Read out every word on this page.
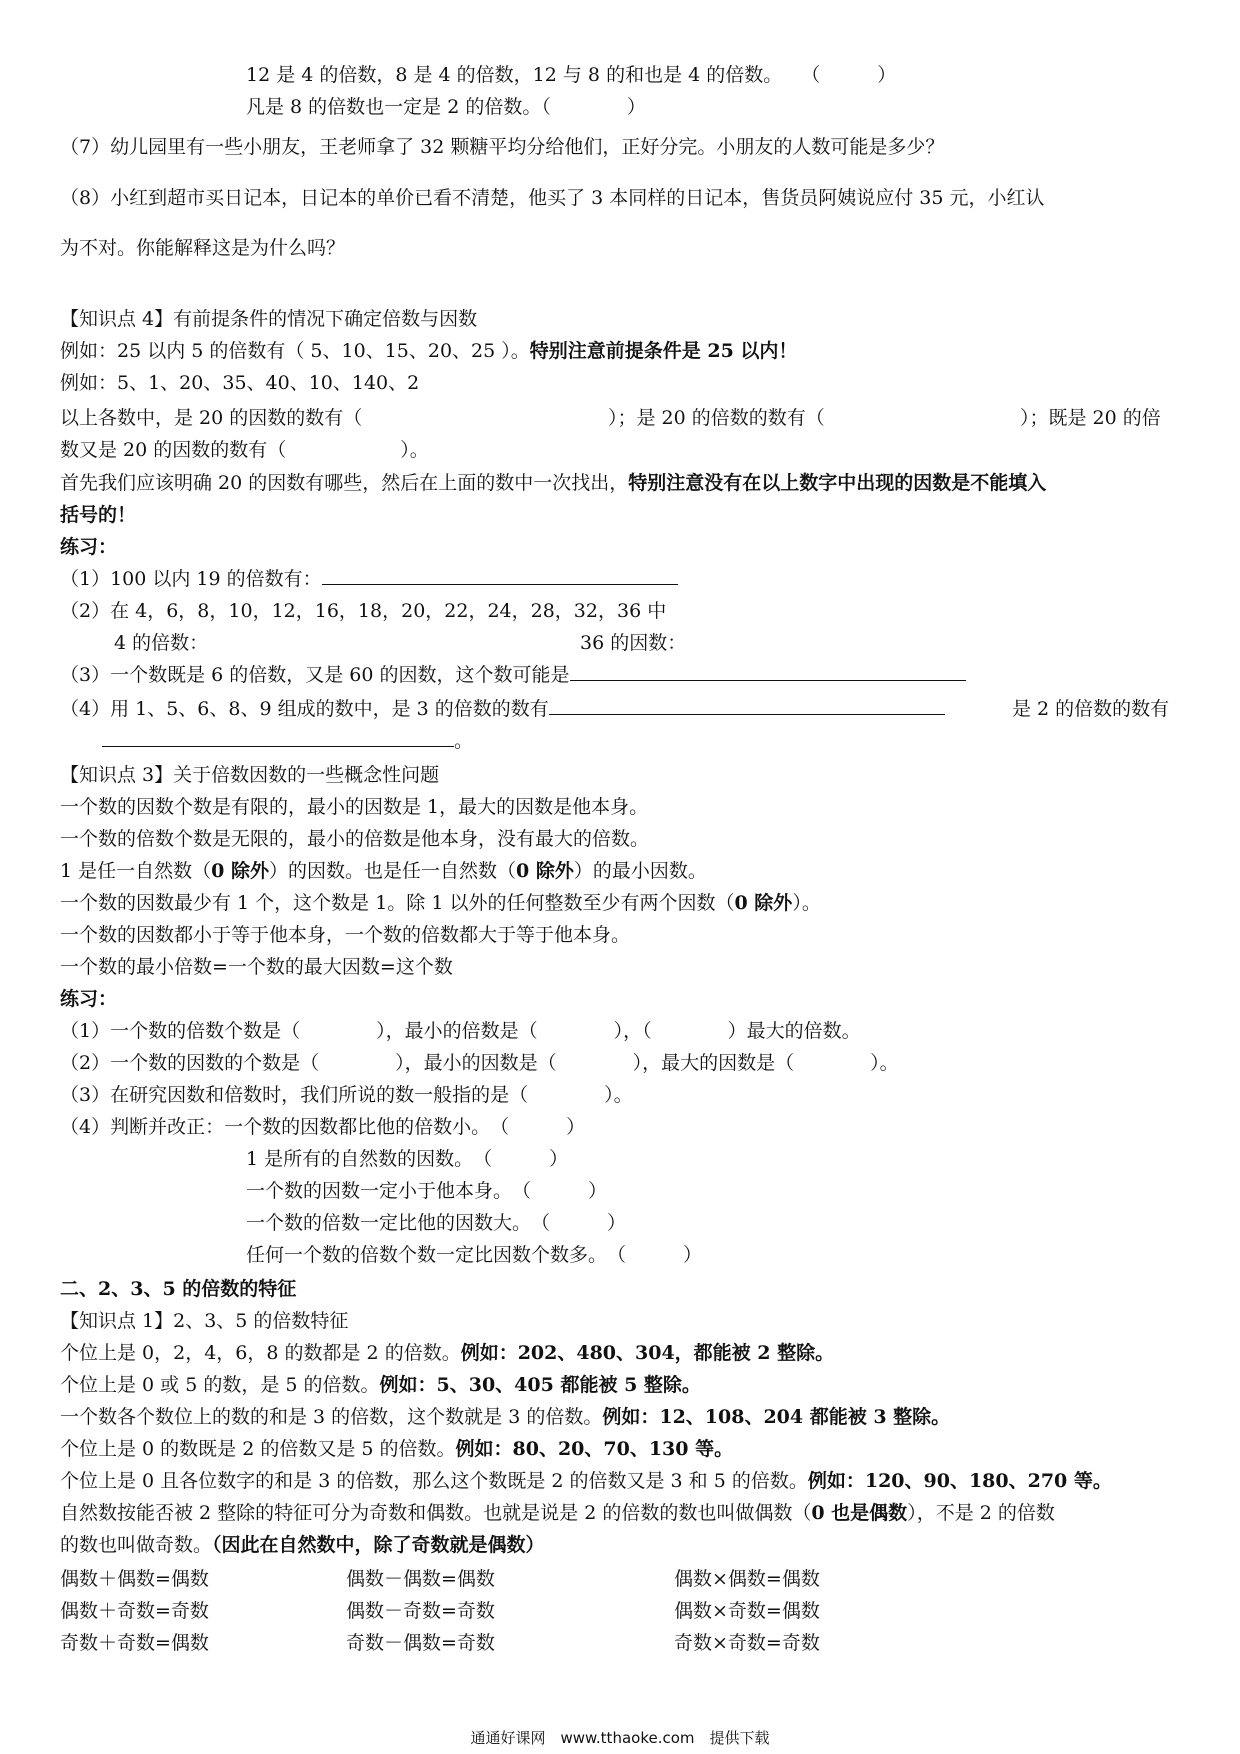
12 是 4 的倍数，8 是 4 的倍数，12 与 8 的和也是 4 的倍数。　　（　　　）
凡是 8 的倍数也一定是 2 的倍数。（　　　　）
（7）幼儿园里有一些小朋友，王老师拿了 32 颗糖平均分给他们，正好分完。小朋友的人数可能是多少？
（8）小红到超市买日记本，日记本的单价已看不清楚，他买了 3 本同样的日记本，售货员阿姨说应付 35 元，小红认
为不对。你能解释这是为什么吗？
【知识点 4】有前提条件的情况下确定倍数与因数
例如：25 以内 5 的倍数有（ 5、10、15、20、25 ）。特别注意前提条件是 25 以内！
例如：5、1、20、35、40、10、140、2
以上各数中，是 20 的因数的数有（	）；是 20 的倍数的数有（	）；既是 20 的倍
数又是 20 的因数的数有（　　　　　　）。
首先我们应该明确 20 的因数有哪些，然后在上面的数中一次找出，特别注意没有在以上数字中出现的因数是不能填入
括号的！
练习：
（1）100 以内 19 的倍数有：
（2）在 4，6，8，10，12，16，18，20，22，24，28，32，36 中
4 的倍数：	36 的因数：
（3）一个数既是 6 的倍数，又是 60 的因数，这个数可能是
（4）用 1、5、6、8、9 组成的数中，是 3 的倍数的数有	是 2 的倍数的数有
。
【知识点 3】关于倍数因数的一些概念性问题
一个数的因数个数是有限的，最小的因数是 1，最大的因数是他本身。
一个数的倍数个数是无限的，最小的倍数是他本身，没有最大的倍数。
1 是任一自然数（0 除外）的因数。也是任一自然数（0 除外）的最小因数。
一个数的因数最少有 1 个，这个数是 1。除 1 以外的任何整数至少有两个因数（0 除外）。
一个数的因数都小于等于他本身，一个数的倍数都大于等于他本身。
一个数的最小倍数=一个数的最大因数=这个数
练习：
（1）一个数的倍数个数是（　　　　），最小的倍数是（　　　　），（　　　　）最大的倍数。
（2）一个数的因数的个数是（　　　　），最小的因数是（　　　　），最大的因数是（　　　　）。
（3）在研究因数和倍数时，我们所说的数一般指的是（　　　　）。
（4）判断并改正：一个数的因数都比他的倍数小。　（　　　）
1 是所有的自然数的因数。　（　　　）
一个数的因数一定小于他本身。　（　　　）
一个数的倍数一定比他的因数大。　（　　　）
任何一个数的倍数个数一定比因数个数多。　（　　　）
二、2、3、5 的倍数的特征
【知识点 1】2、3、5 的倍数特征
个位上是 0，2，4，6，8 的数都是 2 的倍数。例如：202、480、304，都能被 2 整除。
个位上是 0 或 5 的数，是 5 的倍数。例如：5、30、405 都能被 5 整除。
一个数各个数位上的数的和是 3 的倍数，这个数就是 3 的倍数。例如：12、108、204 都能被 3 整除。
个位上是 0 的数既是 2 的倍数又是 5 的倍数。例如：80、20、70、130 等。
个位上是 0 且各位数字的和是 3 的倍数，那么这个数既是 2 的倍数又是 3 和 5 的倍数。例如：120、90、180、270 等。
自然数按能否被 2 整除的特征可分为奇数和偶数。也就是说是 2 的倍数的数也叫做偶数（0 也是偶数），不是 2 的倍数
的数也叫做奇数。（因此在自然数中，除了奇数就是偶数）
偶数＋偶数=偶数	偶数－偶数=偶数	偶数×偶数=偶数
偶数＋奇数=奇数	偶数－奇数=奇数	偶数×奇数=偶数
奇数＋奇数=偶数	奇数－偶数=奇数	奇数×奇数=奇数
通通好课网　www.tthaoke.com　提供下载
